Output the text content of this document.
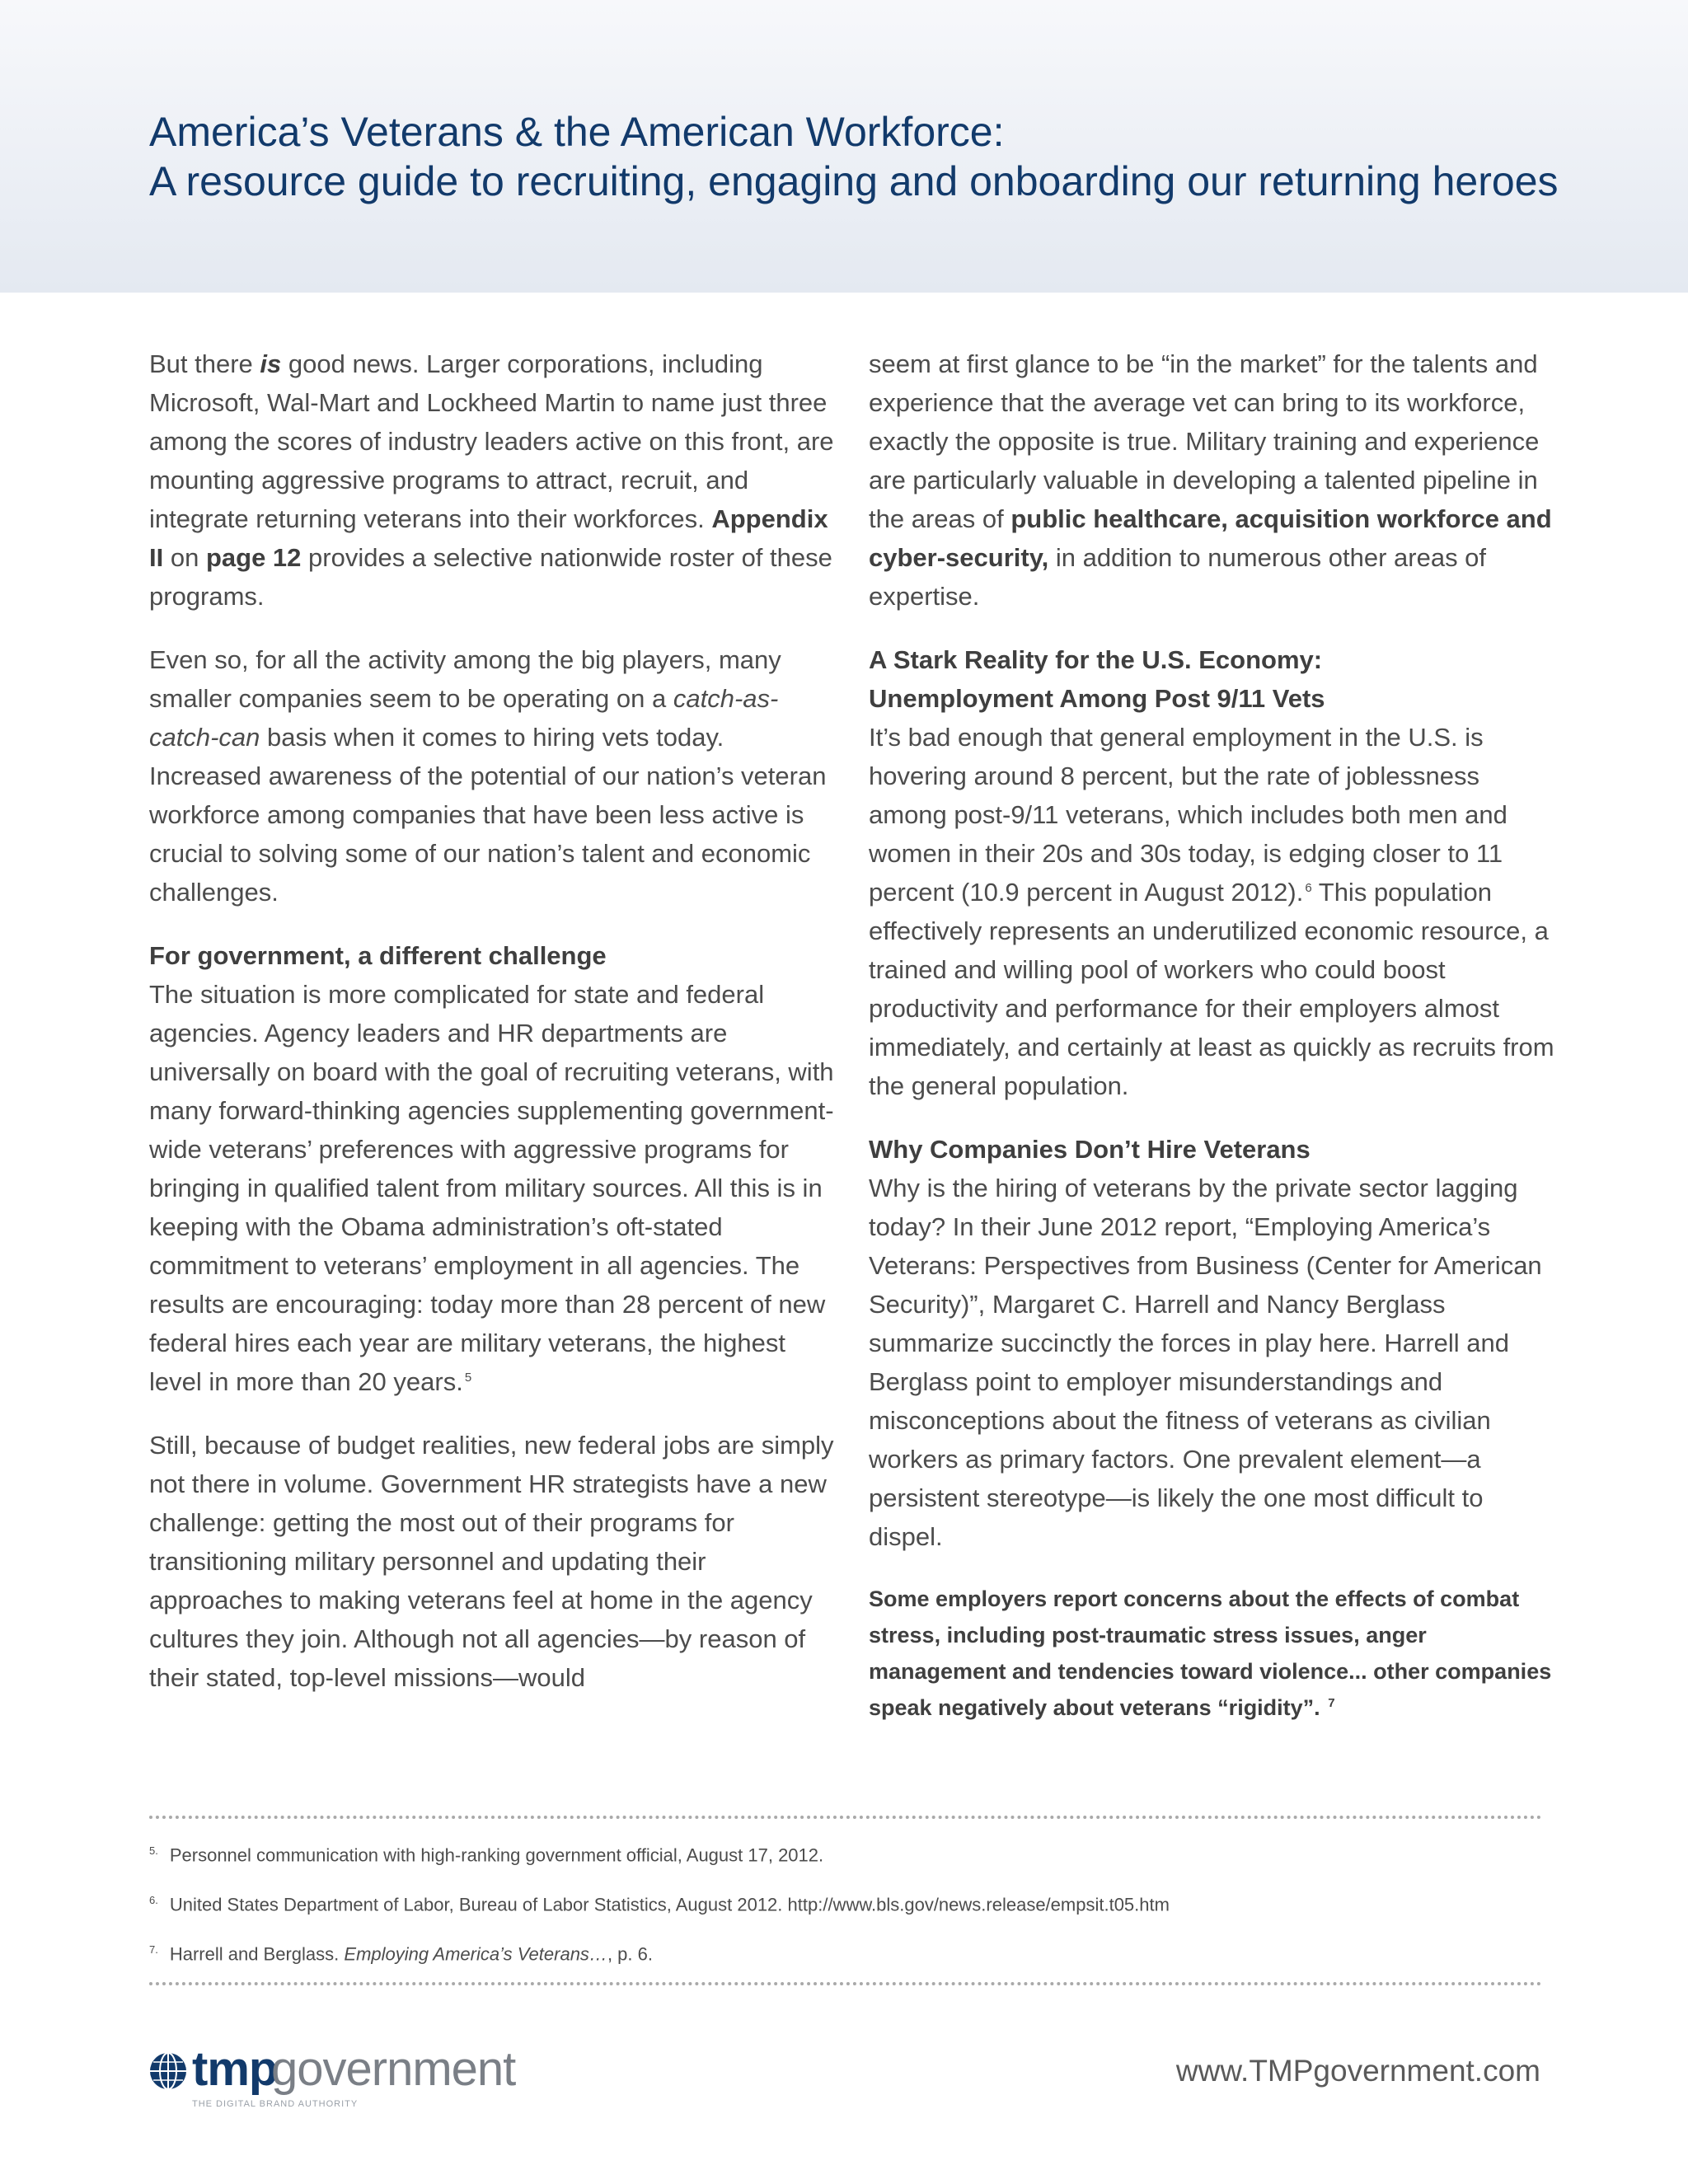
America’s Veterans & the American Workforce:
A resource guide to recruiting, engaging and onboarding our returning heroes

But there is good news. Larger corporations, including Microsoft, Wal-Mart and Lockheed Martin to name just three among the scores of industry leaders active on this front, are mounting aggressive programs to attract, recruit, and integrate returning veterans into their workforces. Appendix II on page 12 provides a selective nationwide roster of these programs.

Even so, for all the activity among the big players, many smaller companies seem to be operating on a catch-as-catch-can basis when it comes to hiring vets today. Increased awareness of the potential of our nation’s veteran workforce among companies that have been less active is crucial to solving some of our nation’s talent and economic challenges.

For government, a different challenge

The situation is more complicated for state and federal agencies. Agency leaders and HR departments are universally on board with the goal of recruiting veterans, with many forward-thinking agencies supplementing government-wide veterans’ preferences with aggressive programs for bringing in qualified talent from military sources. All this is in keeping with the Obama administration’s oft-stated commitment to veterans’ employment in all agencies. The results are encouraging: today more than 28 percent of new federal hires each year are military veterans, the highest level in more than 20 years. $^5$

Still, because of budget realities, new federal jobs are simply not there in volume. Government HR strategists have a new challenge: getting the most out of their programs for transitioning military personnel and updating their approaches to making veterans feel at home in the agency cultures they join. Although not all agencies—by reason of their stated, top-level missions—would

seem at first glance to be “in the market” for the talents and experience that the average vet can bring to its workforce, exactly the opposite is true. Military training and experience are particularly valuable in developing a talented pipeline in the areas of public healthcare, acquisition workforce and cyber-security, in addition to numerous other areas of expertise.

A Stark Reality for the U.S. Economy:
Unemployment Among Post 9/11 Vets

It’s bad enough that general employment in the U.S. is hovering around 8 percent, but the rate of joblessness among post-9/11 veterans, which includes both men and women in their 20s and 30s today, is edging closer to 11 percent (10.9 percent in August 2012). $^6$ This population effectively represents an underutilized economic resource, a trained and willing pool of workers who could boost productivity and performance for their employers almost immediately, and certainly at least as quickly as recruits from the general population.

Why Companies Don’t Hire Veterans

Why is the hiring of veterans by the private sector lagging today? In their June 2012 report, “Employing America’s Veterans: Perspectives from Business (Center for American Security)”, Margaret C. Harrell and Nancy Berglass summarize succinctly the forces in play here. Harrell and Berglass point to employer misunderstandings and misconceptions about the fitness of veterans as civilian workers as primary factors. One prevalent element—a persistent stereotype—is likely the one most difficult to dispel.

Some employers report concerns about the effects of combat stress, including post-traumatic stress issues, anger management and tendencies toward violence... other companies speak negatively about veterans “rigidity”. $^7$
$^{5.}$ Personnel communication with high-ranking government official, August 17, 2012.
$^{6.}$ United States Department of Labor, Bureau of Labor Statistics, August 2012. http://www.bls.gov/news.release/empsit.t05.htm
$^{7.}$ Harrell and Berglass. Employing America’s Veterans…, p. 6.
tmp
government
THE DIGITAL BRAND AUTHORITY
www.TMPgovernment.com
